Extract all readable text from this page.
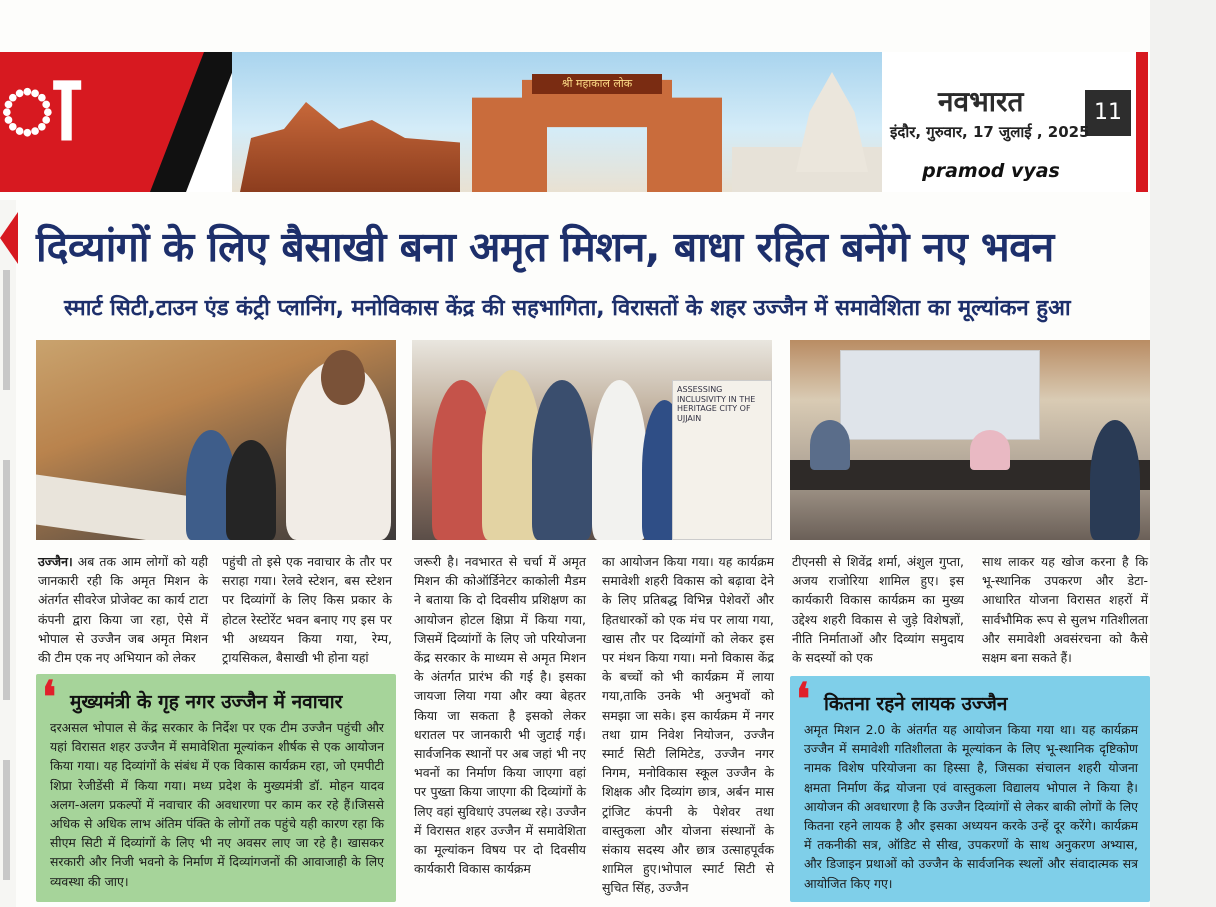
ा	श्री महाकाल लोक
नवभारत	11
इंदौर, गुरुवार, 17 जुलाई , 2025
pramod vyas
दिव्यांगों के लिए बैसाखी बना अमृत मिशन, बाधा रहित बनेंगे नए भवन
स्मार्ट सिटी,टाउन एंड कंट्री प्लानिंग, मनोविकास केंद्र की सहभागिता, विरासतों के शहर उज्जैन में समावेशिता का मूल्यांकन हुआ
ASSESSING INCLUSIVITY IN THE HERITAGE CITY OF UJJAIN

उज्जैन। अब तक आम लोगों को यही जानकारी रही कि अमृत मिशन के अंतर्गत सीवरेज प्रोजेक्ट का कार्य टाटा कंपनी द्वारा किया जा रहा, ऐसे में भोपाल से उज्जैन जब अमृत मिशन की टीम एक नए अभियान को लेकर

पहुंची तो इसे एक नवाचार के तौर पर सराहा गया। रेलवे स्टेशन, बस स्टेशन पर दिव्यांगों के लिए किस प्रकार के होटल रेस्टोरेंट भवन बनाए गए इस पर भी अध्ययन किया गया, रेम्प, ट्रायसिकल, बैसाखी भी होना यहां

जरूरी है। नवभारत से चर्चा में अमृत मिशन की कोऑर्डिनेटर काकोली मैडम ने बताया कि दो दिवसीय प्रशिक्षण का आयोजन होटल क्षिप्रा में किया गया, जिसमें दिव्यांगों के लिए जो परियोजना केंद्र सरकार के माध्यम से अमृत मिशन के अंतर्गत प्रारंभ की गई है। इसका जायजा लिया गया और क्या बेहतर किया जा सकता है इसको लेकर धरातल पर जानकारी भी जुटाई गई। सार्वजनिक स्थानों पर अब जहां भी नए भवनों का निर्माण किया जाएगा वहां पर पुख्ता किया जाएगा की दिव्यांगों के लिए वहां सुविधाएं उपलब्ध रहे। उज्जैन में विरासत शहर उज्जैन में समावेशिता का मूल्यांकन विषय पर दो दिवसीय कार्यकारी विकास कार्यक्रम

का आयोजन किया गया। यह कार्यक्रम समावेशी शहरी विकास को बढ़ावा देने के लिए प्रतिबद्ध विभिन्न पेशेवरों और हितधारकों को एक मंच पर लाया गया, खास तौर पर दिव्यांगों को लेकर इस पर मंथन किया गया। मनो विकास केंद्र के बच्चों को भी कार्यक्रम में लाया गया,ताकि उनके भी अनुभवों को समझा जा सके। इस कार्यक्रम में नगर तथा ग्राम निवेश नियोजन, उज्जैन स्मार्ट सिटी लिमिटेड, उज्जैन नगर निगम, मनोविकास स्कूल उज्जैन के शिक्षक और दिव्यांग छात्र, अर्बन मास ट्रांजिट कंपनी के पेशेवर तथा वास्तुकला और योजना संस्थानों के संकाय सदस्य और छात्र उत्साहपूर्वक शामिल हुए।भोपाल स्मार्ट सिटी से सुचित सिंह, उज्जैन

टीएनसी से शिवेंद्र शर्मा, अंशुल गुप्ता, अजय राजोरिया शामिल हुए। इस कार्यकारी विकास कार्यक्रम का मुख्य उद्देश्य शहरी विकास से जुड़े विशेषज्ञों, नीति निर्माताओं और दिव्यांग समुदाय के सदस्यों को एक

साथ लाकर यह खोज करना है कि भू-स्थानिक उपकरण और डेटा-आधारित योजना विरासत शहरों में सार्वभौमिक रूप से सुलभ गतिशीलता और समावेशी अवसंरचना को कैसे सक्षम बना सकते हैं।

❛ मुख्यमंत्री के गृह नगर उज्जैन में नवाचार

दरअसल भोपाल से केंद्र सरकार के निर्देश पर एक टीम उज्जैन पहुंची और यहां विरासत शहर उज्जैन में समावेशिता मूल्यांकन शीर्षक से एक आयोजन किया गया। यह दिव्यांगों के संबंध में एक विकास कार्यक्रम रहा, जो एमपीटी शिप्रा रेजीडेंसी में किया गया। मध्य प्रदेश के मुख्यमंत्री डॉ. मोहन यादव अलग-अलग प्रकल्पों में नवाचार की अवधारणा पर काम कर रहे हैं।जिससे अधिक से अधिक लाभ अंतिम पंक्ति के लोगों तक पहुंचे यही कारण रहा कि सीएम सिटी में दिव्यांगों के लिए भी नए अवसर लाए जा रहे है। खासकर सरकारी और निजी भवनो के निर्माण में दिव्यांगजनों की आवाजाही के लिए व्यवस्था की जाए।

❛ कितना रहने लायक उज्जैन

अमृत मिशन 2.0 के अंतर्गत यह आयोजन किया गया था। यह कार्यक्रम उज्जैन में समावेशी गतिशीलता के मूल्यांकन के लिए भू-स्थानिक दृष्टिकोण नामक विशेष परियोजना का हिस्सा है, जिसका संचालन शहरी योजना क्षमता निर्माण केंद्र योजना एवं वास्तुकला विद्यालय भोपाल ने किया है। आयोजन की अवधारणा है कि उज्जैन दिव्यांगों से लेकर बाकी लोगों के लिए कितना रहने लायक है और इसका अध्ययन करके उन्हें दूर करेंगे। कार्यक्रम में तकनीकी सत्र, ऑडिट से सीख, उपकरणों के साथ अनुकरण अभ्यास, और डिजाइन प्रथाओं को उज्जैन के सार्वजनिक स्थलों और संवादात्मक सत्र आयोजित किए गए।
